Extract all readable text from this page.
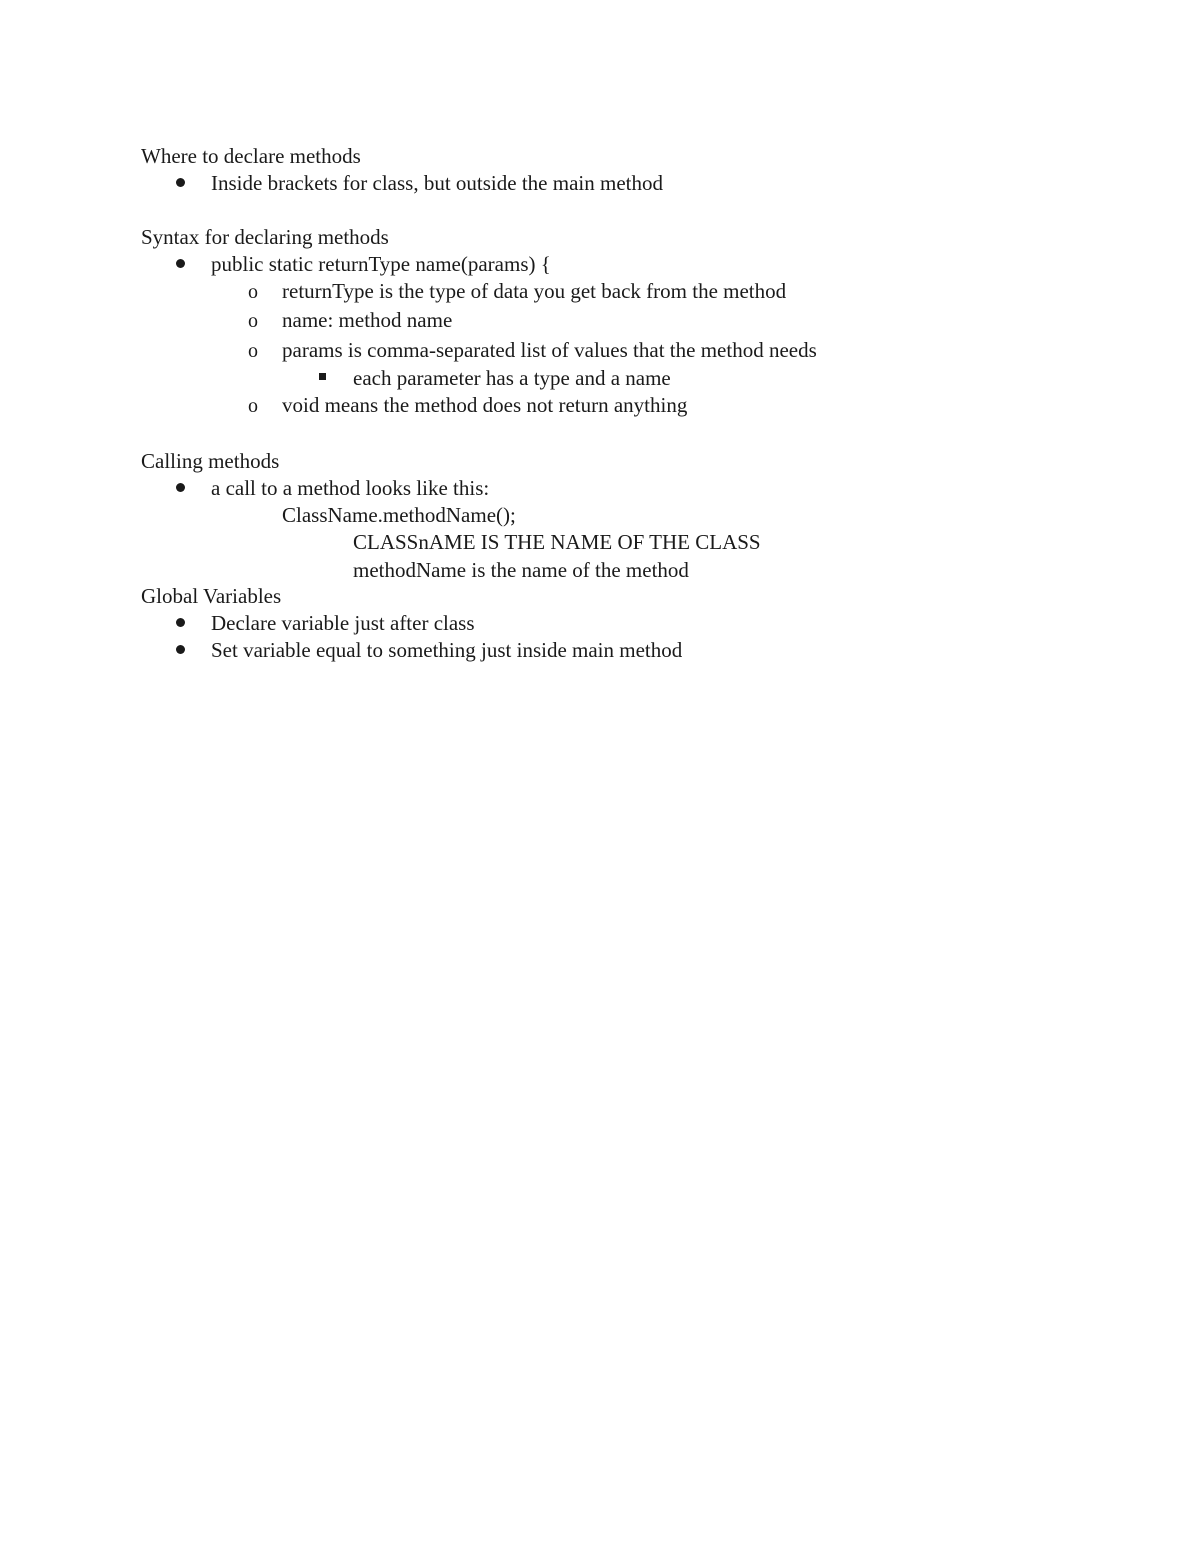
Where to declare methods
Inside brackets for class, but outside the main method
Syntax for declaring methods
public static returnType name(params) {
o returnType is the type of data you get back from the method
o name: method name
o params is comma-separated list of values that the method needs
each parameter has a type and a name
o void means the method does not return anything
Calling methods
a call to a method looks like this:
ClassName.methodName();
CLASSnAME IS THE NAME OF THE CLASS
methodName is the name of the method
Global Variables
Declare variable just after class
Set variable equal to something just inside main method
